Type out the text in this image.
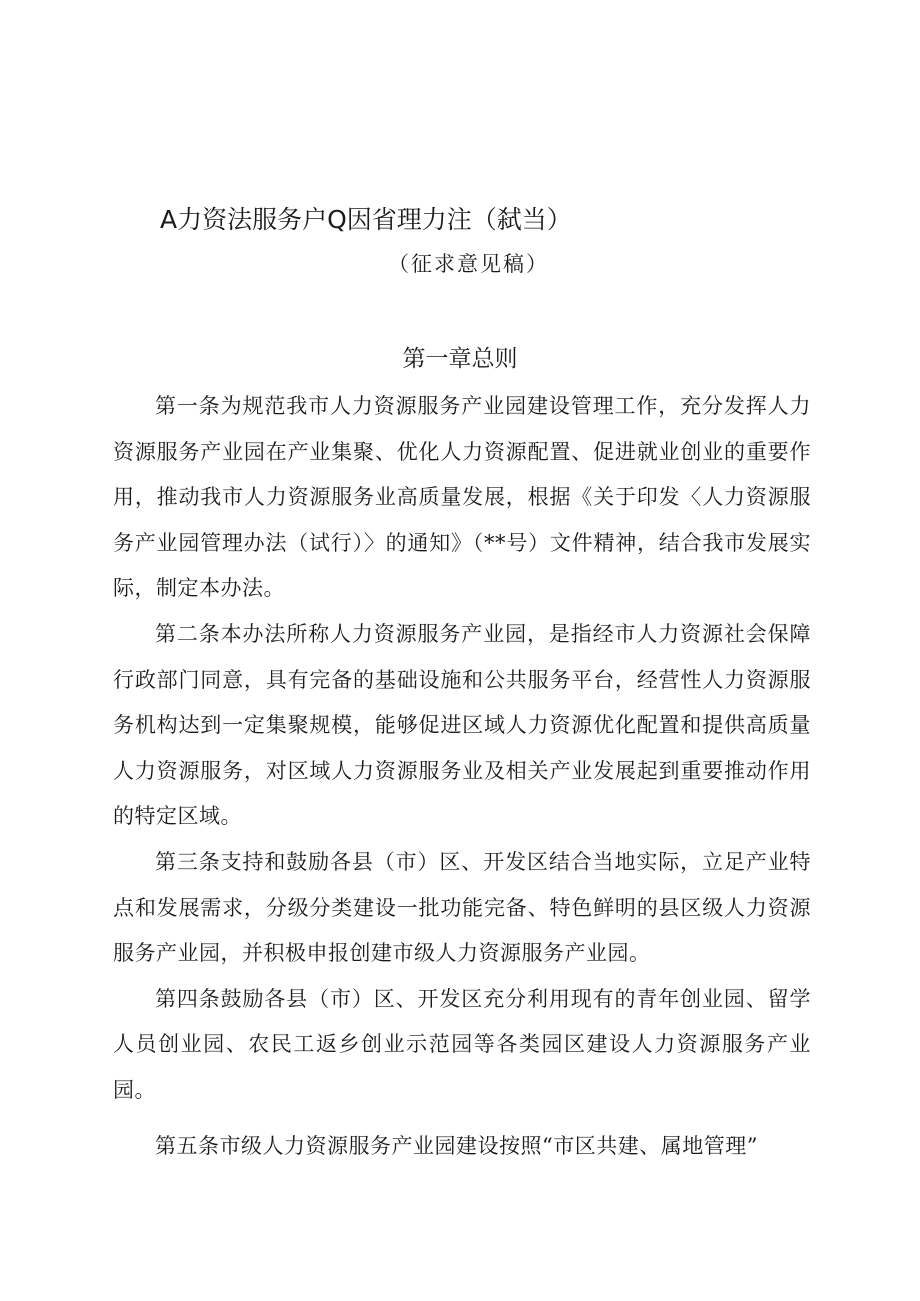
A力资法服务户Q因省理力注（弑当）
（征求意见稿）
第一章总则

第一条为规范我市人力资源服务产业园建设管理工作，充分发挥人力资源服务产业园在产业集聚、优化人力资源配置、促进就业创业的重要作用，推动我市人力资源服务业高质量发展，根据《关于印发〈人力资源服务产业园管理办法（试行）〉的通知》（**号）文件精神，结合我市发展实际，制定本办法。

第二条本办法所称人力资源服务产业园，是指经市人力资源社会保障行政部门同意，具有完备的基础设施和公共服务平台，经营性人力资源服务机构达到一定集聚规模，能够促进区域人力资源优化配置和提供高质量人力资源服务，对区域人力资源服务业及相关产业发展起到重要推动作用的特定区域。

第三条支持和鼓励各县（市）区、开发区结合当地实际，立足产业特点和发展需求，分级分类建设一批功能完备、特色鲜明的县区级人力资源服务产业园，并积极申报创建市级人力资源服务产业园。

第四条鼓励各县（市）区、开发区充分利用现有的青年创业园、留学人员创业园、农民工返乡创业示范园等各类园区建设人力资源服务产业园。

第五条市级人力资源服务产业园建设按照“市区共建、属地管理”
